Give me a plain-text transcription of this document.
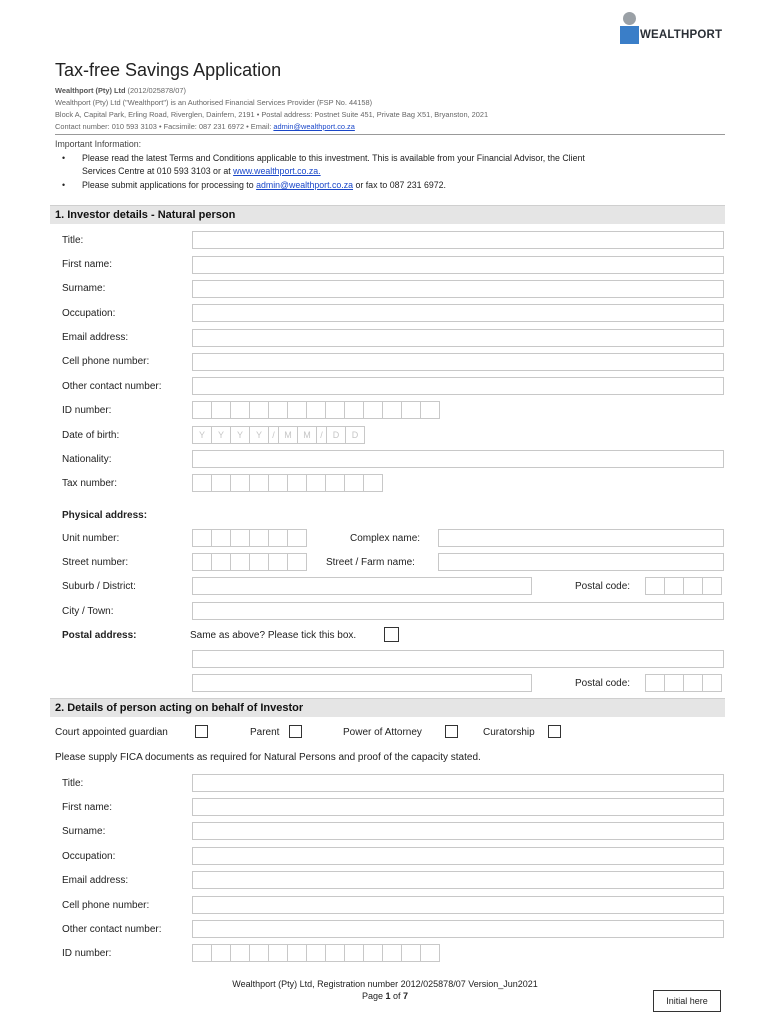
WEALTHPORT
Tax-free Savings Application
Wealthport (Pty) Ltd (2012/025878/07)
Wealthport (Pty) Ltd ("Wealthport") is an Authorised Financial Services Provider (FSP No. 44158)
Block A, Capital Park, Erling Road, Riverglen, Dainfern, 2191 • Postal address: Postnet Suite 451, Private Bag X51, Bryanston, 2021
Contact number: 010 593 3103 • Facsimile: 087 231 6972 • Email: admin@wealthport.co.za
Important Information:
• Please read the latest Terms and Conditions applicable to this investment. This is available from your Financial Advisor, the Client
Services Centre at 010 593 3103 or at www.wealthport.co.za.
• Please submit applications for processing to admin@wealthport.co.za or fax to 087 231 6972.
1. Investor details - Natural person
Title:
First name:
Surname:
Occupation:
Email address:
Cell phone number:
Other contact number:
ID number:
Date of birth:	Y	Y	Y	Y	/	M	M	/	D	D
Nationality:
Tax number:
Physical address:
Unit number:	Complex name:
Street number:	Street / Farm name:
Suburb / District:	Postal code:
City / Town:
Postal address:	Same as above? Please tick this box.
Postal code:
2. Details of person acting on behalf of Investor
Court appointed guardian	Parent	Power of Attorney	Curatorship
Please supply FICA documents as required for Natural Persons and proof of the capacity stated.
Title:
First name:
Surname:
Occupation:
Email address:
Cell phone number:
Other contact number:
ID number:
Wealthport (Pty) Ltd, Registration number 2012/025878/07 Version_Jun2021
Page 1 of 7	Initial here
